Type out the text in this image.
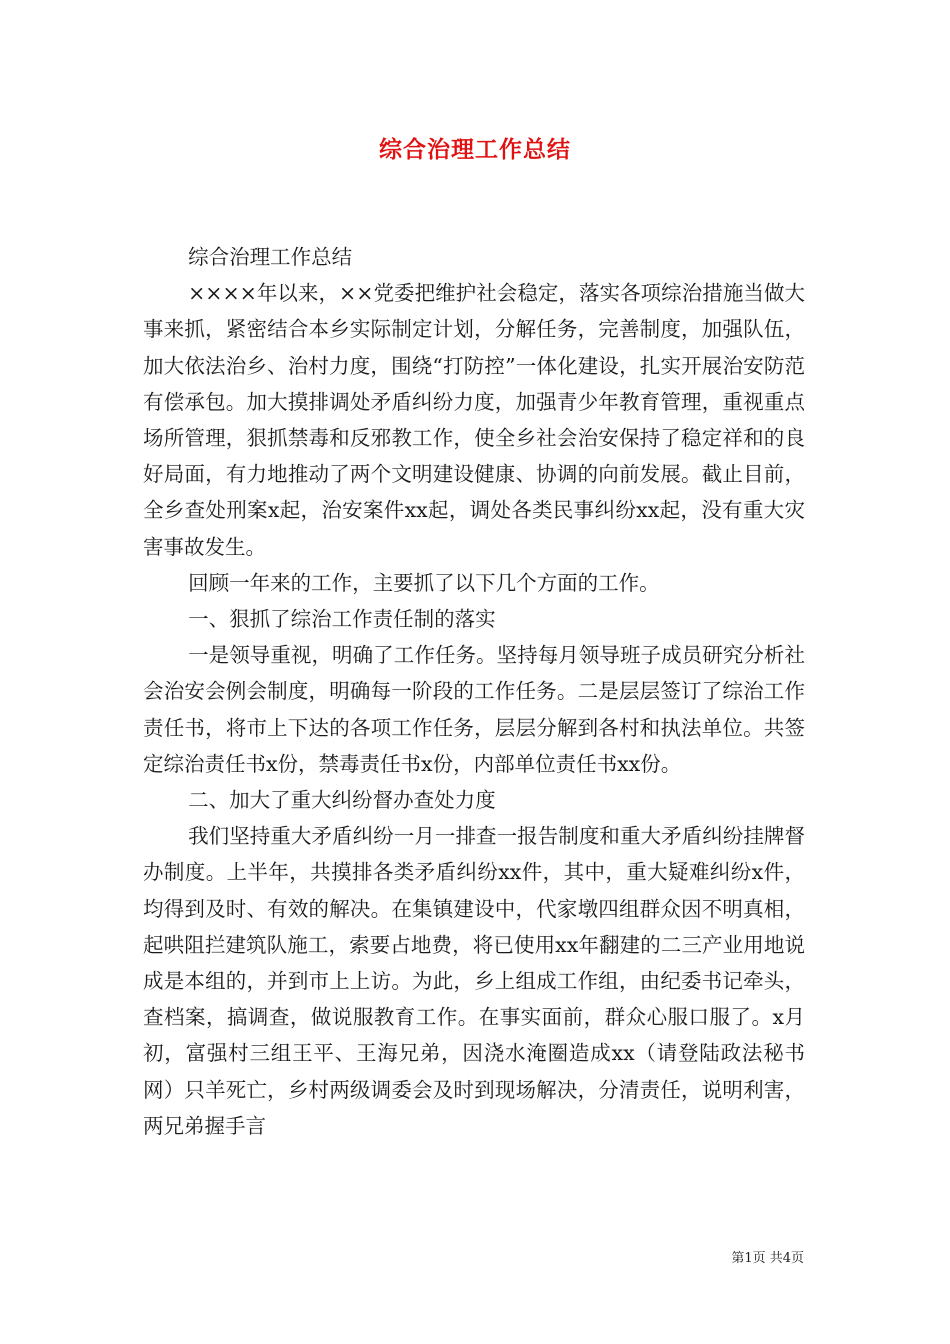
综合治理工作总结

综合治理工作总结

××××年以来，××党委把维护社会稳定，落实各项综治措施当做大事来抓，紧密结合本乡实际制定计划，分解任务，完善制度，加强队伍，加大依法治乡、治村力度，围绕“打防控”一体化建设，扎实开展治安防范有偿承包。加大摸排调处矛盾纠纷力度，加强青少年教育管理，重视重点场所管理，狠抓禁毒和反邪教工作，使全乡社会治安保持了稳定祥和的良好局面，有力地推动了两个文明建设健康、协调的向前发展。截止目前，全乡查处刑案x起，治安案件xx起，调处各类民事纠纷xx起，没有重大灾害事故发生。

回顾一年来的工作，主要抓了以下几个方面的工作。

一、狠抓了综治工作责任制的落实

一是领导重视，明确了工作任务。坚持每月领导班子成员研究分析社会治安会例会制度，明确每一阶段的工作任务。二是层层签订了综治工作责任书，将市上下达的各项工作任务，层层分解到各村和执法单位。共签定综治责任书x份，禁毒责任书x份，内部单位责任书xx份。

二、加大了重大纠纷督办查处力度

我们坚持重大矛盾纠纷一月一排查一报告制度和重大矛盾纠纷挂牌督办制度。上半年，共摸排各类矛盾纠纷xx件，其中，重大疑难纠纷x件，均得到及时、有效的解决。在集镇建设中，代家墩四组群众因不明真相，起哄阻拦建筑队施工，索要占地费，将已使用xx年翻建的二三产业用地说成是本组的，并到市上上访。为此，乡上组成工作组，由纪委书记牵头，查档案，搞调查，做说服教育工作。在事实面前，群众心服口服了。x月初，富强村三组王平、王海兄弟，因浇水淹圈造成xx（请登陆政法秘书网）只羊死亡，乡村两级调委会及时到现场解决，分清责任，说明利害，两兄弟握手言

第1页 共4页
